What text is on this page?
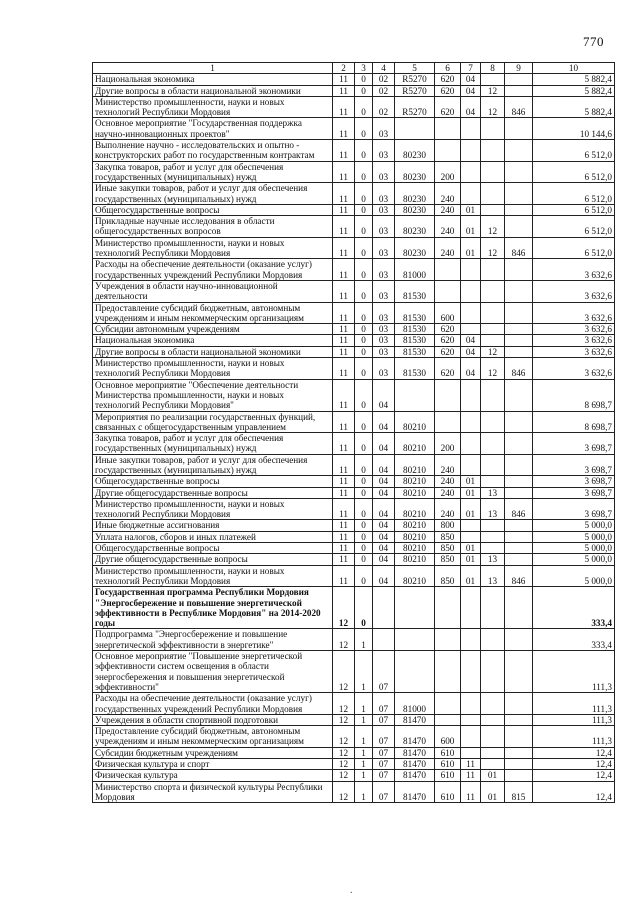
770
1	2	3	4	5	6	7	8	9	10
Национальная экономика	11	0	02	R5270	620	04			5 882,4
Другие вопросы в области национальной экономики	11	0	02	R5270	620	04	12		5 882,4
Министерство промышленности, науки и новых технологий Республики Мордовия	11	0	02	R5270	620	04	12	846	5 882,4
Основное мероприятие "Государственная поддержка научно-инновационных проектов"	11	0	03						10 144,6
Выполнение научно - исследовательских и опытно - конструкторских работ по государственным контрактам	11	0	03	80230					6 512,0
Закупка товаров, работ и услуг для обеспечения государственных (муниципальных) нужд	11	0	03	80230	200				6 512,0
Иные закупки товаров, работ и услуг для обеспечения государственных (муниципальных) нужд	11	0	03	80230	240				6 512,0
Общегосударственные вопросы	11	0	03	80230	240	01			6 512,0
Прикладные научные исследования в области общегосударственных вопросов	11	0	03	80230	240	01	12		6 512,0
Министерство промышленности, науки и новых технологий Республики Мордовия	11	0	03	80230	240	01	12	846	6 512,0
Расходы на обеспечение деятельности (оказание услуг) государственных учреждений Республики Мордовия	11	0	03	81000					3 632,6
Учреждения в области научно-инновационной деятельности	11	0	03	81530					3 632,6
Предоставление субсидий бюджетным, автономным учреждениям и иным некоммерческим организациям	11	0	03	81530	600				3 632,6
Субсидии автономным учреждениям	11	0	03	81530	620				3 632,6
Национальная экономика	11	0	03	81530	620	04			3 632,6
Другие вопросы в области национальной экономики	11	0	03	81530	620	04	12		3 632,6
Министерство промышленности, науки и новых технологий Республики Мордовия	11	0	03	81530	620	04	12	846	3 632,6
Основное мероприятие "Обеспечение деятельности Министерства промышленности, науки и новых технологий Республики Мордовия"	11	0	04						8 698,7
Мероприятия по реализации государственных функций, связанных с общегосударственным управлением	11	0	04	80210					8 698,7
Закупка товаров, работ и услуг для обеспечения государственных (муниципальных) нужд	11	0	04	80210	200				3 698,7
Иные закупки товаров, работ и услуг для обеспечения государственных (муниципальных) нужд	11	0	04	80210	240				3 698,7
Общегосударственные вопросы	11	0	04	80210	240	01			3 698,7
Другие общегосударственные вопросы	11	0	04	80210	240	01	13		3 698,7
Министерство промышленности, науки и новых технологий Республики Мордовия	11	0	04	80210	240	01	13	846	3 698,7
Иные бюджетные ассигнования	11	0	04	80210	800				5 000,0
Уплата налогов, сборов и иных платежей	11	0	04	80210	850				5 000,0
Общегосударственные вопросы	11	0	04	80210	850	01			5 000,0
Другие общегосударственные вопросы	11	0	04	80210	850	01	13		5 000,0
Министерство промышленности, науки и новых технологий Республики Мордовия	11	0	04	80210	850	01	13	846	5 000,0
Государственная программа Республики Мордовия "Энергосбережение и повышение энергетической эффективности в Республике Мордовия" на 2014-2020 годы	12	0							333,4
Подпрограмма "Энергосбережение и повышение энергетической эффективности в энергетике"	12	1							333,4
Основное мероприятие "Повышение энергетической эффективности систем освещения в области энергосбережения и повышения энергетической эффективности"	12	1	07						111,3
Расходы на обеспечение деятельности (оказание услуг) государственных учреждений Республики Мордовия	12	1	07	81000					111,3
Учреждения в области спортивной подготовки	12	1	07	81470					111,3
Предоставление субсидий бюджетным, автономным учреждениям и иным некоммерческим организациям	12	1	07	81470	600				111,3
Субсидии бюджетным учреждениям	12	1	07	81470	610				12,4
Физическая культура и спорт	12	1	07	81470	610	11			12,4
Физическая культура	12	1	07	81470	610	11	01		12,4
Министерство спорта и физической культуры Республики Мордовия	12	1	07	81470	610	11	01	815	12,4
.
